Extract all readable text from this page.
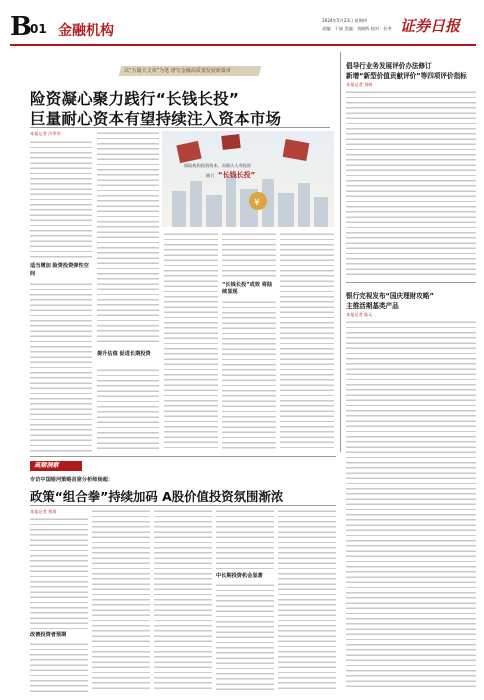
B
01 金融机构
2024年5月23日 星期四
责编：于丽 美编：刘晓辉 校对：杜冬 证券日报
以“五篇大文章”为笔 谱写金融高质量发展新篇章
险资凝心聚力践行“长钱长投”
巨量耐心资本有望持续注入资本市场
本报记者 冷翠华
适当增加 险资投资弹性空间
提升估值 促进长期投资
¥
保险机构投资资本，而聚天人寿投资
践行 “长钱长投”
“长钱长投”成效 将陆续显现
倡导行业务发展评价办法修订
新增“新型价值贡献评价”等四项评价指标
本报记者 刘萌
银行完视发布“国庆理财攻略”
主推活期基类产品
本报记者 陆元
高频洞察
专访中国银河策略首席分析师杨超：
政策“组合拳”持续加码 A股价值投资氛围渐浓
本报记者 贾琦
改善投资者预期
中长期投资机会显著
